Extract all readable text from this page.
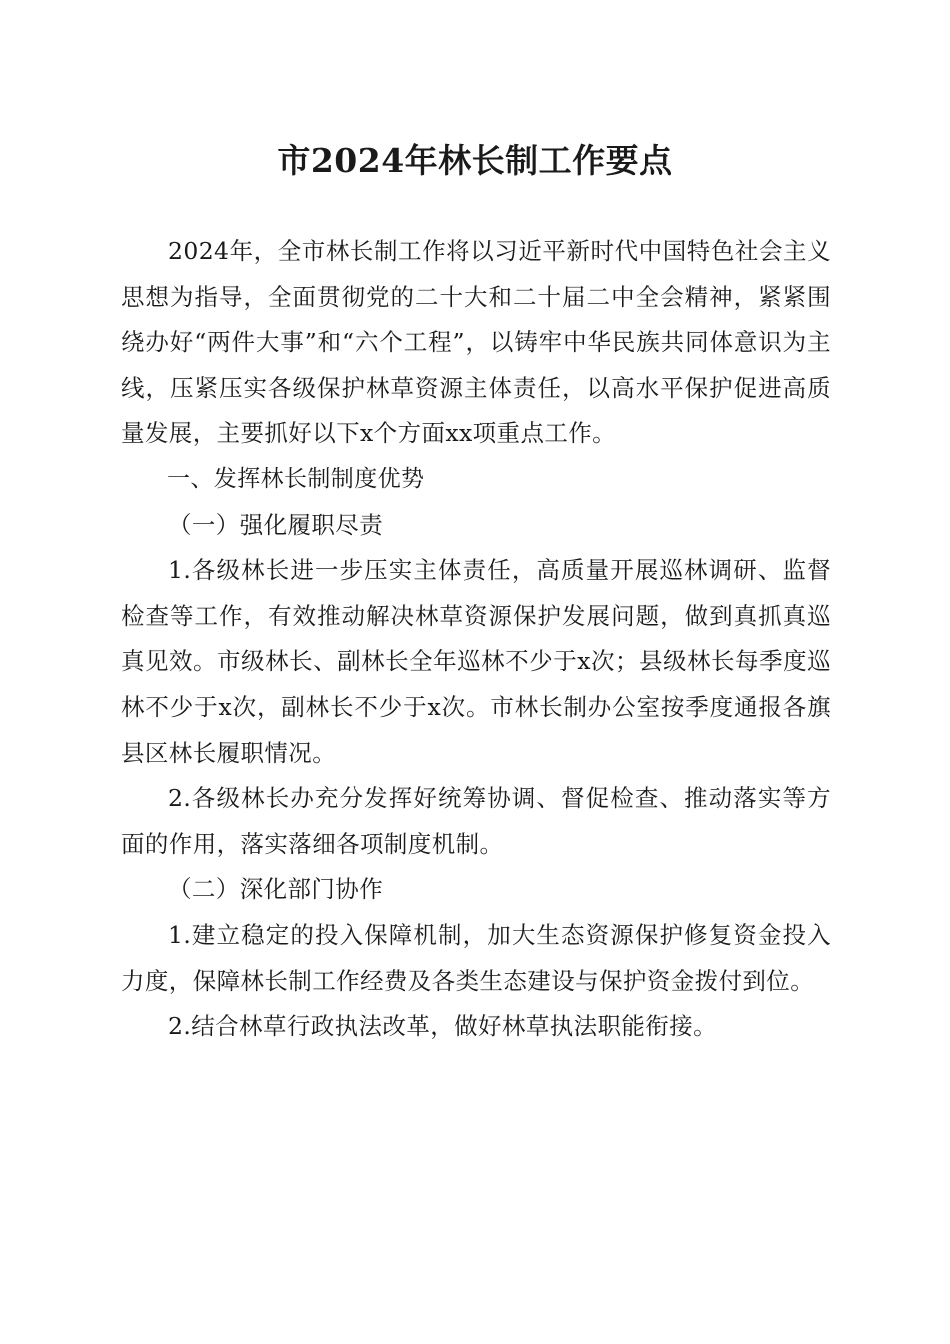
市2024年林长制工作要点

2024年，全市林长制工作将以习近平新时代中国特色社会主义思想为指导，全面贯彻党的二十大和二十届二中全会精神，紧紧围绕办好“两件大事”和“六个工程”，以铸牢中华民族共同体意识为主线，压紧压实各级保护林草资源主体责任，以高水平保护促进高质量发展，主要抓好以下x个方面xx项重点工作。

一、发挥林长制制度优势

（一）强化履职尽责

1.各级林长进一步压实主体责任，高质量开展巡林调研、监督检查等工作，有效推动解决林草资源保护发展问题，做到真抓真巡真见效。市级林长、副林长全年巡林不少于x次；县级林长每季度巡林不少于x次，副林长不少于x次。市林长制办公室按季度通报各旗县区林长履职情况。

2.各级林长办充分发挥好统筹协调、督促检查、推动落实等方面的作用，落实落细各项制度机制。

（二）深化部门协作

1.建立稳定的投入保障机制，加大生态资源保护修复资金投入力度，保障林长制工作经费及各类生态建设与保护资金拨付到位。

2.结合林草行政执法改革，做好林草执法职能衔接。
